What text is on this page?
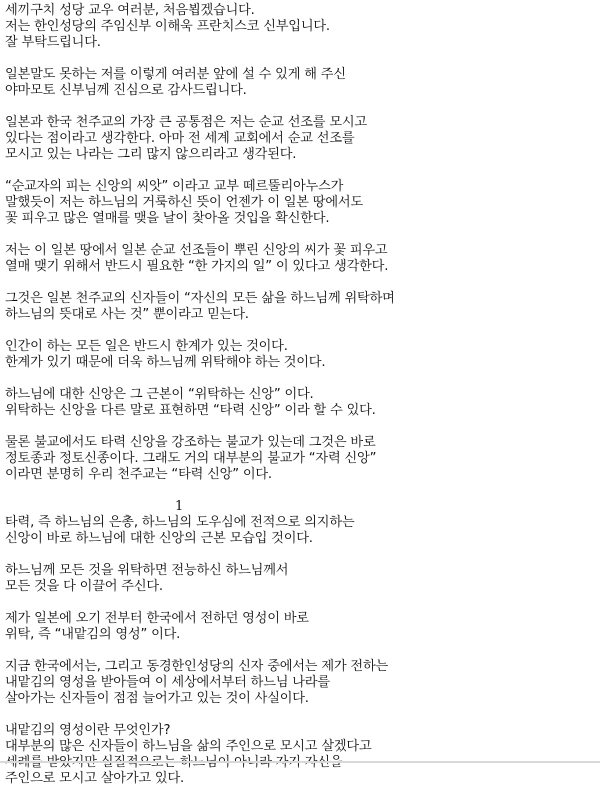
세끼구치 성당 교우 여러분, 처음뵙겠습니다.
저는 한인성당의 주임신부 이해욱 프란치스코 신부입니다.
잘 부탁드립니다.

일본말도 못하는 저를 이렇게 여러분 앞에 설 수 있게 해 주신
야마모토 신부님께 진심으로 감사드립니다.

일본과 한국 천주교의 가장 큰 공통점은 저는 순교 선조를 모시고
있다는 점이라고 생각한다. 아마 전 세계 교회에서 순교 선조를
모시고 있는 나라는 그리 많지 않으리라고 생각된다.

“순교자의 피는 신앙의 씨앗” 이라고 교부 떼르뚤리아누스가
말했듯이 저는 하느님의 거룩하신 뜻이 언젠가 이 일본 땅에서도
꽃 피우고 많은 열매를 맺을 날이 찾아올 것입을 확신한다.

저는 이 일본 땅에서 일본 순교 선조들이 뿌린 신앙의 씨가 꽃 피우고
열매 맺기 위해서 반드시 필요한 “한 가지의 일” 이 있다고 생각한다.

그것은 일본 천주교의 신자들이 “자신의 모든 삶을 하느님께 위탁하며
하느님의 뜻대로 사는 것” 뿐이라고 믿는다.

인간이 하는 모든 일은 반드시 한계가 있는 것이다.
한계가 있기 때문에 더욱 하느님께 위탁해야 하는 것이다.

하느님에 대한 신앙은 그 근본이 “위탁하는 신앙” 이다.
위탁하는 신앙을 다른 말로 표현하면 “타력 신앙” 이라 할 수 있다.

물론 불교에서도 타력 신앙을 강조하는 불교가 있는데 그것은 바로
정토종과 정토신종이다. 그래도 거의 대부분의 불교가 “자력 신앙”
이라면 분명히 우리 천주교는 “타력 신앙” 이다.

1

타력, 즉 하느님의 은총, 하느님의 도우심에 전적으로 의지하는
신앙이 바로 하느님에 대한 신앙의 근본 모습입 것이다.

하느님께 모든 것을 위탁하면 전능하신 하느님께서
모든 것을 다 이끌어 주신다.

제가 일본에 오기 전부터 한국에서 전하던 영성이 바로
위탁, 즉 “내맡김의 영성” 이다.

지금 한국에서는, 그리고 동경한인성당의 신자 중에서는 제가 전하는
내맡김의 영성을 받아들여 이 세상에서부터 하느님 나라를
살아가는 신자들이 점점 늘어가고 있는 것이 사실이다.

내맡김의 영성이란 무엇인가?
대부분의 많은 신자들이 하느님을 삶의 주인으로 모시고 살겠다고
주인으로 모시고 살아가고 있다.
